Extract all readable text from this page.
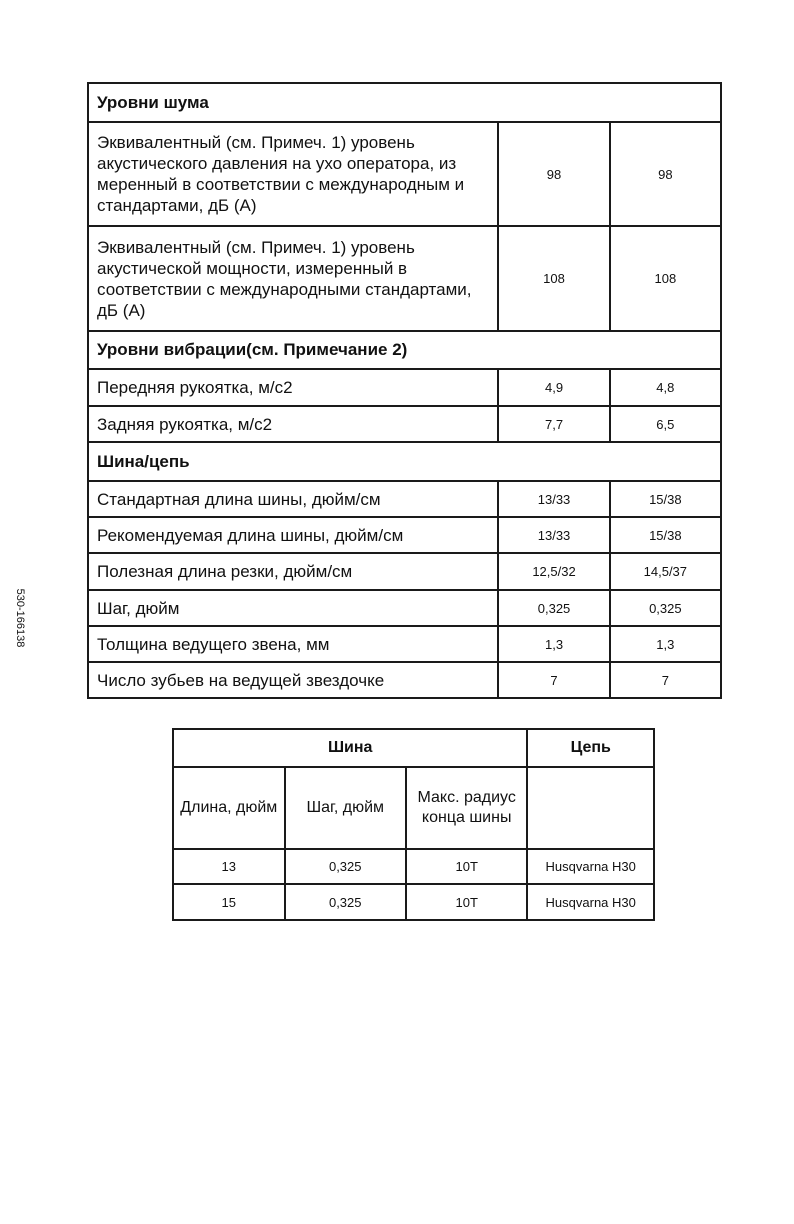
530-166138
Уровни шума		
Эквивалентный (см. Примеч. 1) уровень акустического давления на ухо оператора, из меренный в соответствии с международным и стандартами, дБ (А)	98	98
Эквивалентный (см. Примеч. 1) уровень акустической мощности, измеренный в соответствии с международными стандартами, дБ (А)	108	108
Уровни вибрации(см. Примечание 2)		
Передняя рукоятка, м/с2	4,9	4,8
Задняя рукоятка, м/с2	7,7	6,5
Шина/цепь		
Стандартная длина шины, дюйм/см	13/33	15/38
Рекомендуемая длина шины, дюйм/см	13/33	15/38
Полезная длина резки, дюйм/см	12,5/32	14,5/37
Шаг, дюйм	0,325	0,325
Толщина ведущего звена, мм	1,3	1,3
Число зубьев на ведущей звездочке	7	7
Шина			Цепь
Длина, дюйм	Шаг, дюйм	Макс. радиус конца шины	
13	0,325	10T	Husqvarna H30
15	0,325	10T	Husqvarna H30
